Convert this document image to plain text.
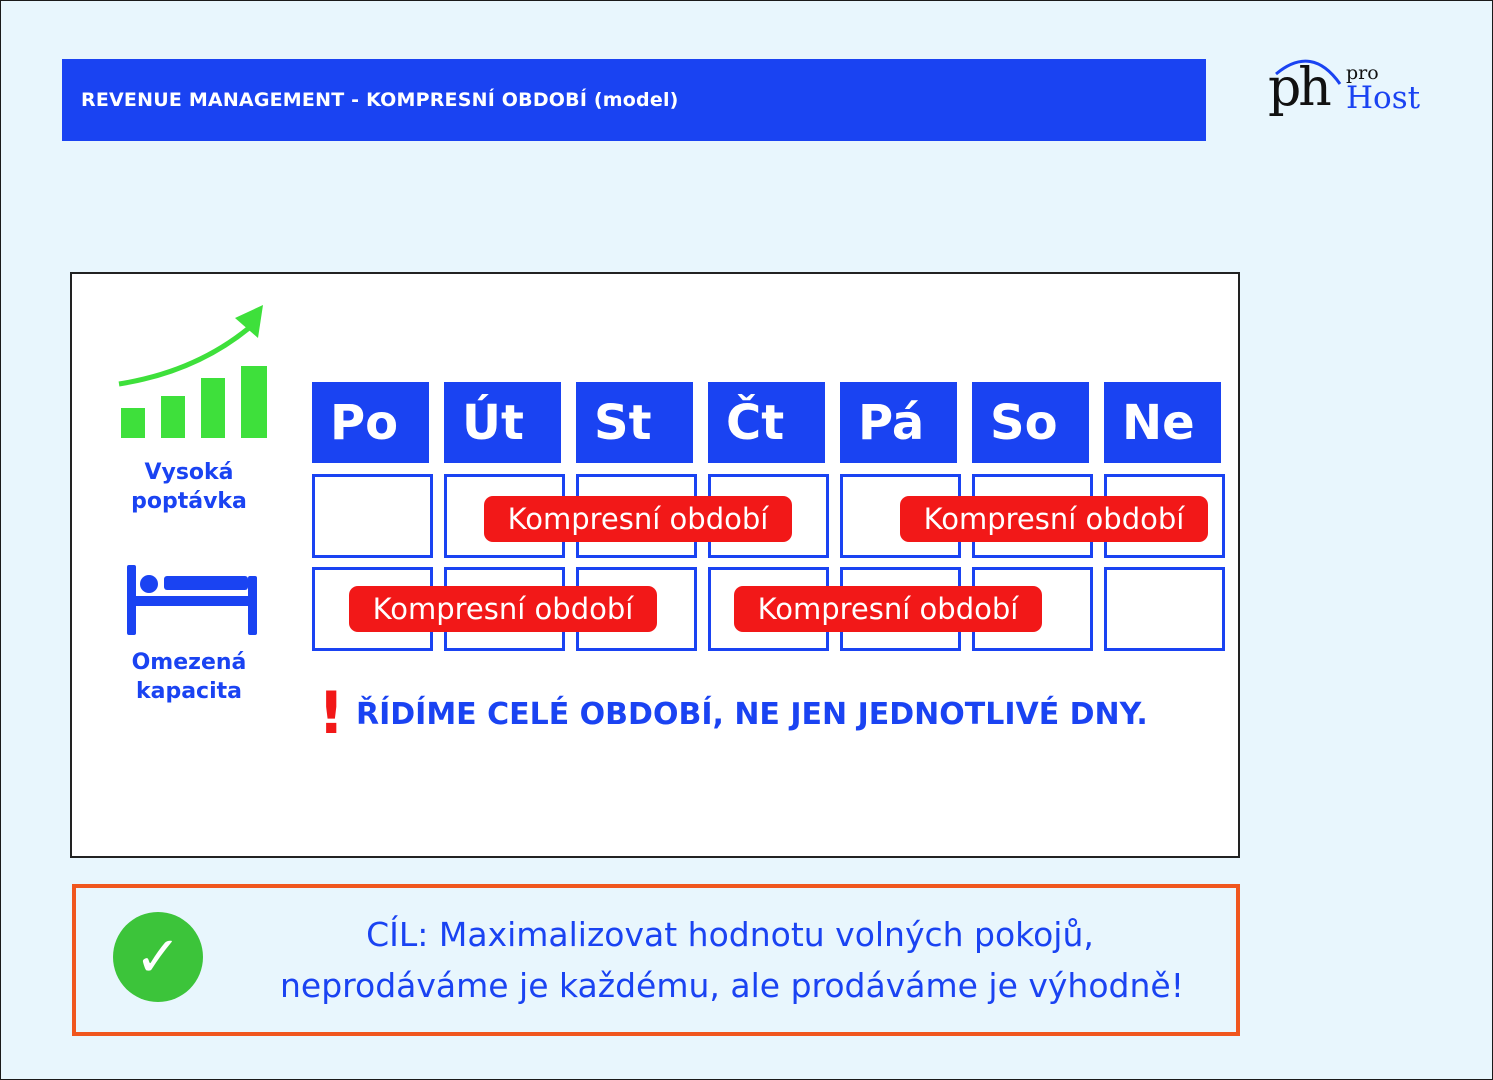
REVENUE MANAGEMENT - KOMPRESNÍ OBDOBÍ (model)	ph pro
Host
Vysoká
poptávka
Omezená
kapacita
Po	Út	St	Čt	Pá	So	Ne
Kompresní období	Kompresní období
Kompresní období	Kompresní období
! ŘÍDÍME CELÉ OBDOBÍ, NE JEN JEDNOTLIVÉ DNY.
✓	CÍL: Maximalizovat hodnotu volných pokojů,
neprodáváme je každému, ale prodáváme je výhodně!
